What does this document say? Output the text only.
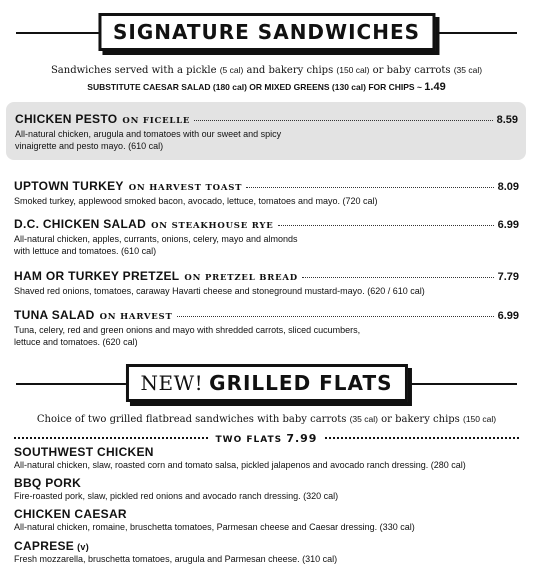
SIGNATURE SANDWICHES
Sandwiches served with a pickle (5 cal) and bakery chips (150 cal) or baby carrots (35 cal)
SUBSTITUTE CAESAR SALAD (180 cal) OR MIXED GREENS (130 cal) FOR CHIPS ~ 1.49
CHICKEN PESTO ON FICELLE	8.59
All-natural chicken, arugula and tomatoes with our sweet and spicy
vinaigrette and pesto mayo. (610 cal)
UPTOWN TURKEY ON HARVEST TOAST	8.09
Smoked turkey, applewood smoked bacon, avocado, lettuce, tomatoes and mayo. (720 cal)
D.C. CHICKEN SALAD ON STEAKHOUSE RYE	6.99
All-natural chicken, apples, currants, onions, celery, mayo and almonds
with lettuce and tomatoes. (610 cal)
HAM OR TURKEY PRETZEL ON PRETZEL BREAD	7.79
Shaved red onions, tomatoes, caraway Havarti cheese and stoneground mustard-mayo. (620 / 610 cal)
TUNA SALAD ON HARVEST	6.99
Tuna, celery, red and green onions and mayo with shredded carrots, sliced cucumbers,
lettuce and tomatoes. (620 cal)
NEW! GRILLED FLATS
Choice of two grilled flatbread sandwiches with baby carrots (35 cal) or bakery chips (150 cal)
TWO FLATS 7.99
SOUTHWEST CHICKEN
All-natural chicken, slaw, roasted corn and tomato salsa, pickled jalapenos and avocado ranch dressing. (280 cal)
BBQ PORK
Fire-roasted pork, slaw, pickled red onions and avocado ranch dressing. (320 cal)
CHICKEN CAESAR
All-natural chicken, romaine, bruschetta tomatoes, Parmesan cheese and Caesar dressing. (330 cal)
CAPRESE (v)
Fresh mozzarella, bruschetta tomatoes, arugula and Parmesan cheese. (310 cal)
